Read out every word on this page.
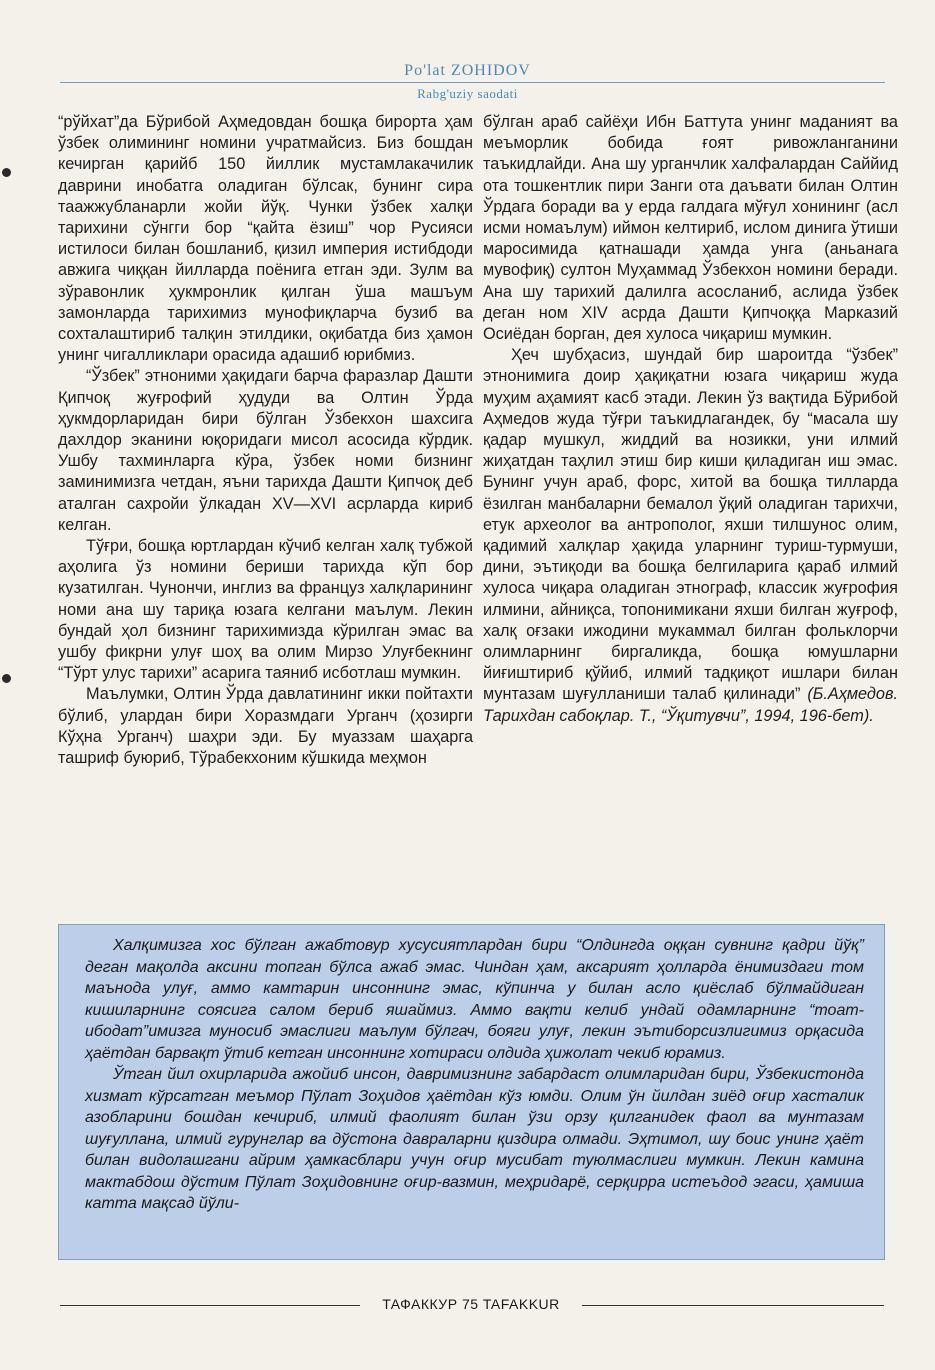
Po'lat ZOHIDOV
Rabg'uziy saodati

“рўйхат”да Бўрибой Аҳмедовдан бошқа бирорта ҳам ўзбек олимининг номини учратмайсиз. Биз бошдан кечирган қарийб 150 йиллик мустамлакачилик даврини инобатга оладиган бўлсак, бунинг сира таажжубланарли жойи йўқ. Чунки ўзбек халқи тарихини сўнгги бор “қайта ёзиш” чор Русияси истилоси билан бошланиб, қизил империя истибдоди авжига чиққан йилларда поёнига етган эди. Зулм ва зўравонлик ҳукмронлик қилган ўша машъум замонларда тарихимиз мунофиқларча бузиб ва сохталаштириб талқин этилдики, оқибатда биз ҳамон унинг чигалликлари орасида адашиб юрибмиз.

“Ўзбек” этноними ҳақидаги барча фаразлар Дашти Қипчоқ жуғрофий ҳудуди ва Олтин Ўрда ҳукмдорларидан бири бўлган Ўзбекхон шахсига дахлдор эканини юқоридаги мисол асосида кўрдик. Ушбу тахминларга кўра, ўзбек номи бизнинг заминимизга четдан, яъни тарихда Дашти Қипчоқ деб аталган сахройи ўлкадан XV—XVI асрларда кириб келган.

Тўғри, бошқа юртлардан кўчиб келган халқ тубжой аҳолига ўз номини бериши тарихда кўп бор кузатилган. Чунончи, инглиз ва француз халқларининг номи ана шу тариқа юзага келгани маълум. Лекин бундай ҳол бизнинг тарихимизда кўрилган эмас ва ушбу фикрни улуғ шоҳ ва олим Мирзо Улуғбекнинг “Тўрт улус тарихи” асарига таяниб исботлаш мумкин.

Маълумки, Олтин Ўрда давлатининг икки пойтахти бўлиб, улардан бири Хоразмдаги Урганч (ҳозирги Кўҳна Урганч) шаҳри эди. Бу муаззам шаҳарга ташриф буюриб, Тўрабекхоним кўшкида меҳмон

бўлган араб сайёҳи Ибн Баттута унинг маданият ва меъморлик бобида ғоят ривожланганини таъкидлайди. Ана шу урганчлик халфалардан Саййид ота тошкентлик пири Занги ота даъвати билан Олтин Ўрдага боради ва у ерда галдага мўғул хонининг (асл исми номаълум) иймон келтириб, ислом динига ўтиши маросимида қатнашади ҳамда унга (аньанага мувофиқ) султон Муҳаммад Ўзбекхон номини беради. Ана шу тарихий далилга асосланиб, аслида ўзбек деган ном XIV асрда Дашти Қипчоққа Марказий Осиёдан борган, дея хулоса чиқариш мумкин.

Ҳеч шубҳасиз, шундай бир шароитда “ўзбек” этнонимига доир ҳақиқатни юзага чиқариш жуда муҳим аҳамият касб этади. Лекин ўз вақтида Бўрибой Аҳмедов жуда тўғри таъкидлагандек, бу “масала шу қадар мушкул, жиддий ва нозикки, уни илмий жиҳатдан таҳлил этиш бир киши қиладиган иш эмас. Бунинг учун араб, форс, хитой ва бошқа тилларда ёзилган манбаларни бемалол ўқий оладиган тарихчи, етук археолог ва антрополог, яхши тилшунос олим, қадимий халқлар ҳақида уларнинг туриш-турмуши, дини, эътиқоди ва бошқа белгиларига қараб илмий хулоса чиқара оладиган этнограф, классик жуғрофия илмини, айниқса, топонимикани яхши билган жуғроф, халқ оғзаки ижодини мукаммал билган фольклорчи олимларнинг биргаликда, бошқа юмушларни йиғиштириб қўйиб, илмий тадқиқот ишлари билан мунтазам шуғулланиши талаб қилинади” (Б.Аҳмедов. Тарихдан сабоқлар. Т., “Ўқитувчи”, 1994, 196-бет).

Халқимизга хос бўлган ажабтовур хусусиятлардан бири “Олдингда оққан сувнинг қадри йўқ” деган мақолда аксини топган бўлса ажаб эмас. Чиндан ҳам, аксарият ҳолларда ёнимиздаги том маънода улуғ, аммо камтарин инсоннинг эмас, кўпинча у билан асло қиёслаб бўлмайдиган кишиларнинг соясига салом бериб яшаймиз. Аммо вақти келиб ундай одамларнинг “тоат-ибодат”имизга муносиб эмаслиги маълум бўлгач, бояги улуғ, лекин эътиборсизлигимиз орқасида ҳаётдан барвақт ўтиб кетган инсоннинг хотираси олдида ҳижолат чекиб юрамиз.

Ўтган йил охирларида ажойиб инсон, давримизнинг забардаст олимларидан бири, Ўзбекистонда хизмат кўрсатган меъмор Пўлат Зоҳидов ҳаётдан кўз юмди. Олим ўн йилдан зиёд оғир хасталик азобларини бошдан кечириб, илмий фаолият билан ўзи орзу қилганидек фаол ва мунтазам шуғуллана, илмий гурунглар ва дўстона давраларни қиздира олмади. Эҳтимол, шу боис унинг ҳаёт билан видолашгани айрим ҳамкасблари учун оғир мусибат туюлмаслиги мумкин. Лекин камина мактабдош дўстим Пўлат Зоҳидовнинг оғир-вазмин, меҳридарё, серқирра истеъдод эгаси, ҳамиша катта мақсад йўли-

ТАФАККУР 75 TAFAKKUR
